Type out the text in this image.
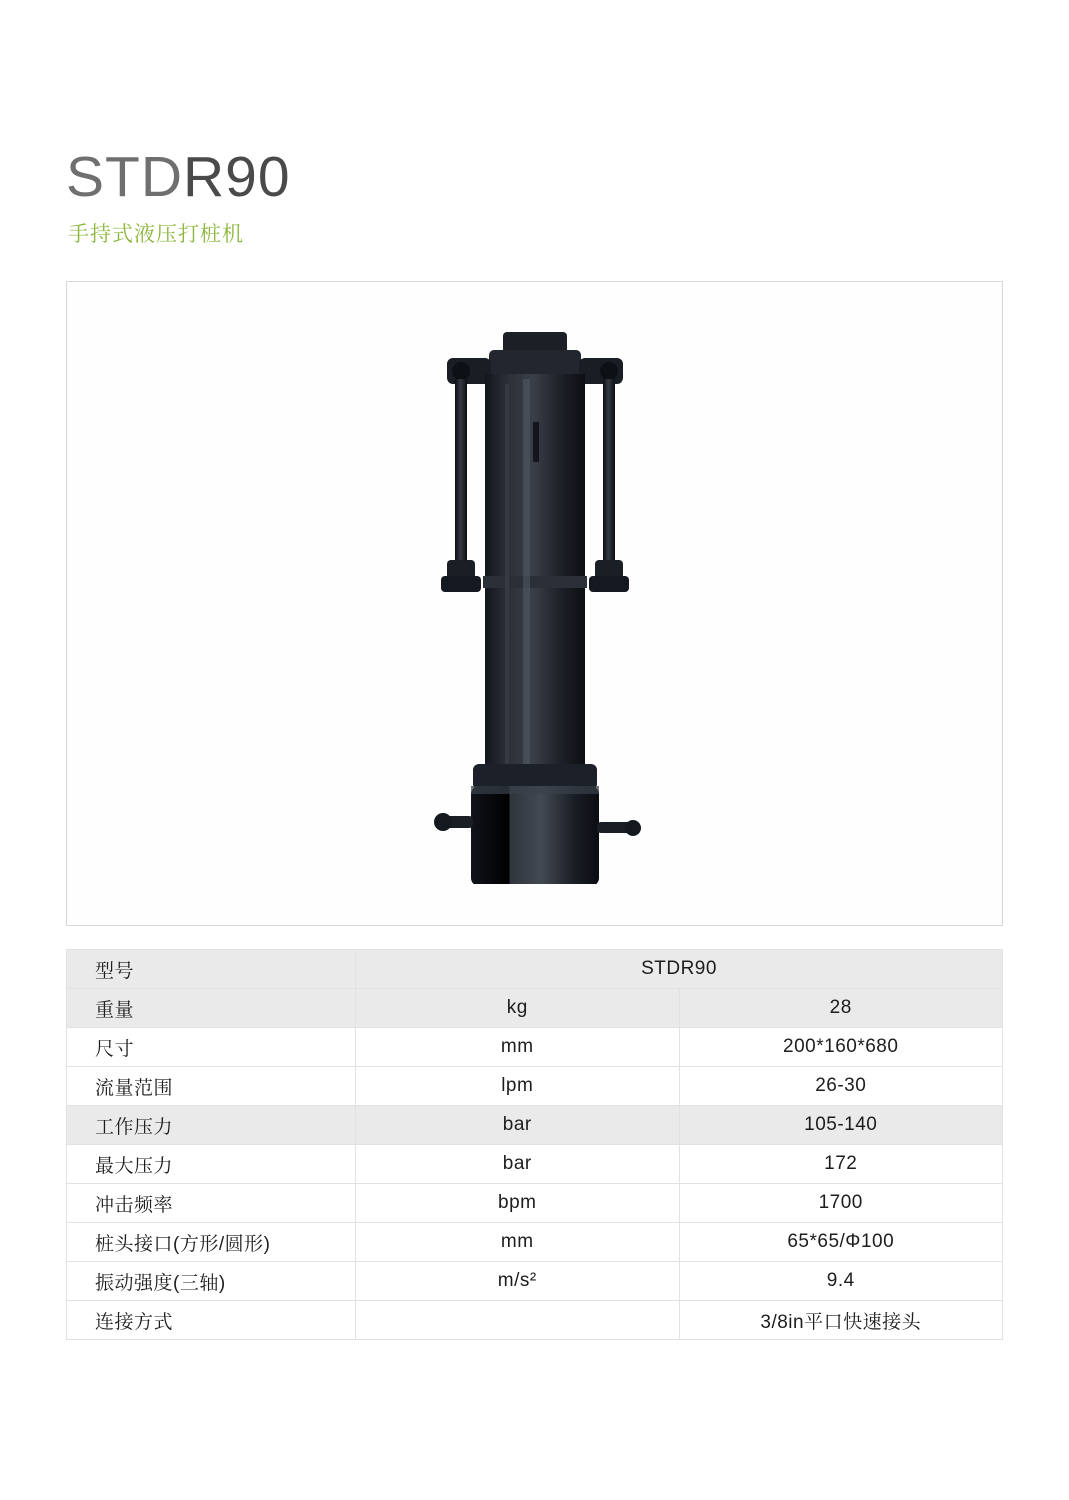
STDR90
手持式液压打桩机
型号	STDR90	
重量	kg	28
尺寸	mm	200*160*680
流量范围	lpm	26-30
工作压力	bar	105-140
最大压力	bar	172
冲击频率	bpm	1700
桩头接口(方形/圆形)	mm	65*65/Φ100
振动强度(三轴)	m/s²	9.4
连接方式		3/8in平口快速接头
